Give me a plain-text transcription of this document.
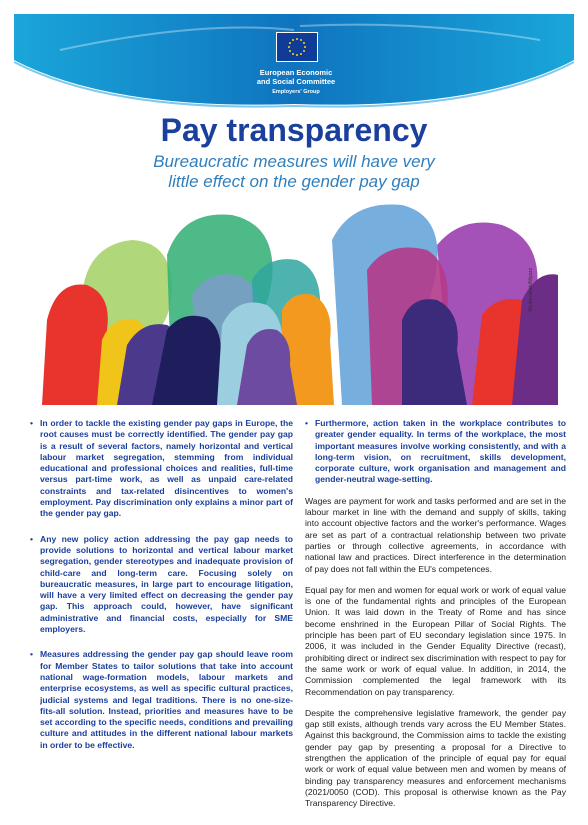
European Economic
and Social Committee
Employers' Group
Pay transparency
Bureaucratic measures will have very
little effect on the gender pay gap
Shutterstock/Niyazz
• In order to tackle the existing gender pay gaps in Europe, the root causes must be correctly identified. The gender pay gap is a result of several factors, namely horizontal and vertical labour market segregation, stemming from individual educational and professional choices and realities, full-time versus part-time work, as well as unpaid care-related constraints and tax-related disincentives to women's employment. Pay discrimination only explains a minor part of the gender pay gap.
• Any new policy action addressing the pay gap needs to provide solutions to horizontal and vertical labour market segregation, gender stereotypes and inadequate provision of child-care and long-term care. Focusing solely on bureaucratic measures, in large part to encourage litigation, will have a very limited effect on decreasing the gender pay gap. This approach could, however, have significant administrative and financial costs, especially for SME employers.
• Measures addressing the gender pay gap should leave room for Member States to tailor solutions that take into account national wage-formation models, labour markets and enterprise ecosystems, as well as specific cultural practices, judicial systems and legal traditions. There is no one-size-fits-all solution. Instead, priorities and measures have to be set according to the specific needs, conditions and prevailing culture and attitudes in the different national labour markets in order to be effective.
• Furthermore, action taken in the workplace contributes to greater gender equality. In terms of the workplace, the most important measures involve working consistently, and with a long-term vision, on recruitment, skills development, corporate culture, work organisation and management and gender-neutral wage-setting.

Wages are payment for work and tasks performed and are set in the labour market in line with the demand and supply of skills, taking into account objective factors and the worker's performance. Wages are set as part of a contractual relationship between two private parties or through collective agreements, in accordance with national law and practices. Direct interference in the determination of pay does not fall within the EU's competences.

Equal pay for men and women for equal work or work of equal value is one of the fundamental rights and principles of the European Union. It was laid down in the Treaty of Rome and has since become enshrined in the European Pillar of Social Rights. The principle has been part of EU secondary legislation since 1975. In 2006, it was included in the Gender Equality Directive (recast), prohibiting direct or indirect sex discrimination with respect to pay for the same work or work of equal value. In addition, in 2014, the Commission complemented the legal framework with its Recommendation on pay transparency.

Despite the comprehensive legislative framework, the gender pay gap still exists, although trends vary across the EU Member States. Against this background, the Commission aims to tackle the existing gender pay gap by presenting a proposal for a Directive to strengthen the application of the principle of equal pay for equal work or work of equal value between men and women by means of binding pay transparency measures and enforcement mechanisms (2021/0050 (COD). This proposal is otherwise known as the Pay Transparency Directive.
